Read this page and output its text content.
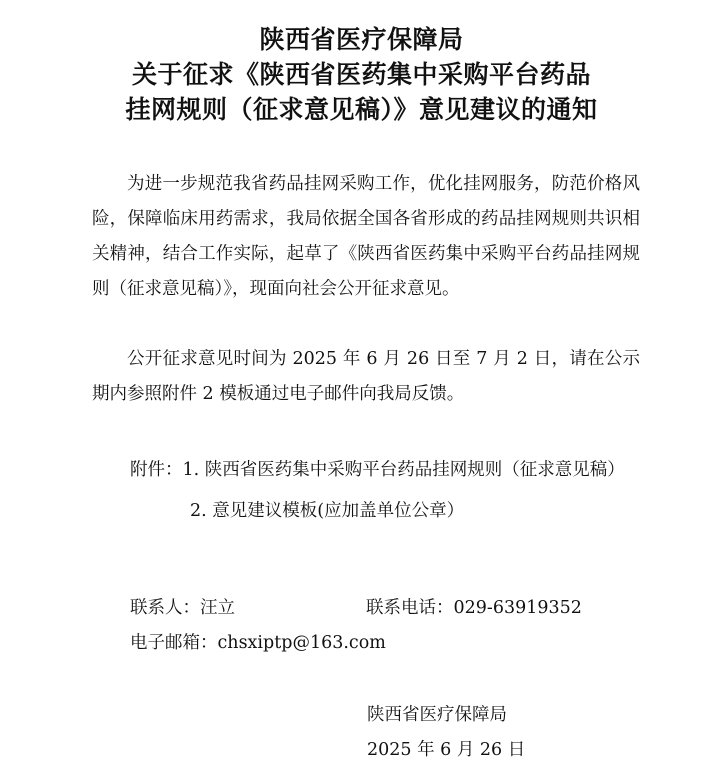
陕西省医疗保障局
关于征求《陕西省医药集中采购平台药品
挂网规则（征求意见稿）》意见建议的通知

为进一步规范我省药品挂网采购工作，优化挂网服务，防范价格风险，保障临床用药需求，我局依据全国各省形成的药品挂网规则共识相关精神，结合工作实际，起草了《陕西省医药集中采购平台药品挂网规则（征求意见稿）》，现面向社会公开征求意见。

公开征求意见时间为 2025 年 6 月 26 日至 7 月 2 日，请在公示期内参照附件 2 模板通过电子邮件向我局反馈。

附件： 1. 陕西省医药集中采购平台药品挂网规则（征求意见稿）
2. 意见建议模板(应加盖单位公章）
联系人：汪立	联系电话：029-63919352
电子邮箱： chsxiptp@163.com
陕西省医疗保障局
2025 年 6 月 26 日
